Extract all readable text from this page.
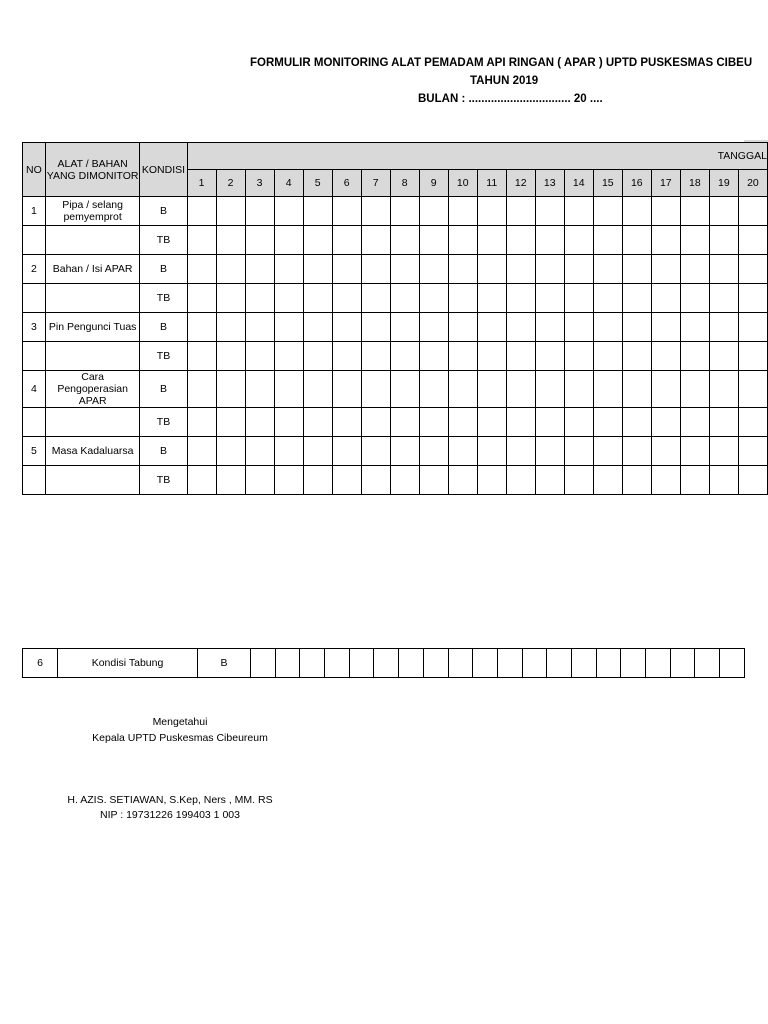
FORMULIR MONITORING ALAT PEMADAM API RINGAN ( APAR ) UPTD PUSKESMAS CIBEU
TAHUN 2019
BULAN : ................................ 20 ....
NO	ALAT / BAHAN YANG DIMONITOR	KONDISI	TANGGAL																			
			1	2	3	4	5	6	7	8	9	10	11	12	13	14	15	16	17	18	19	20
1	Pipa / selang pemyemprot	B																				
		TB																				
2	Bahan / Isi APAR	B																				
		TB																				
3	Pin Pengunci Tuas	B																				
		TB																				
4	Cara Pengoperasian APAR	B																				
		TB																				
5	Masa Kadaluarsa	B																				
		TB																				
6	Kondisi Tabung	B																				
Mengetahui
Kepala UPTD Puskesmas Cibeureum
H. AZIS. SETIAWAN, S.Kep, Ners , MM. RS
NIP : 19731226 199403 1 003
